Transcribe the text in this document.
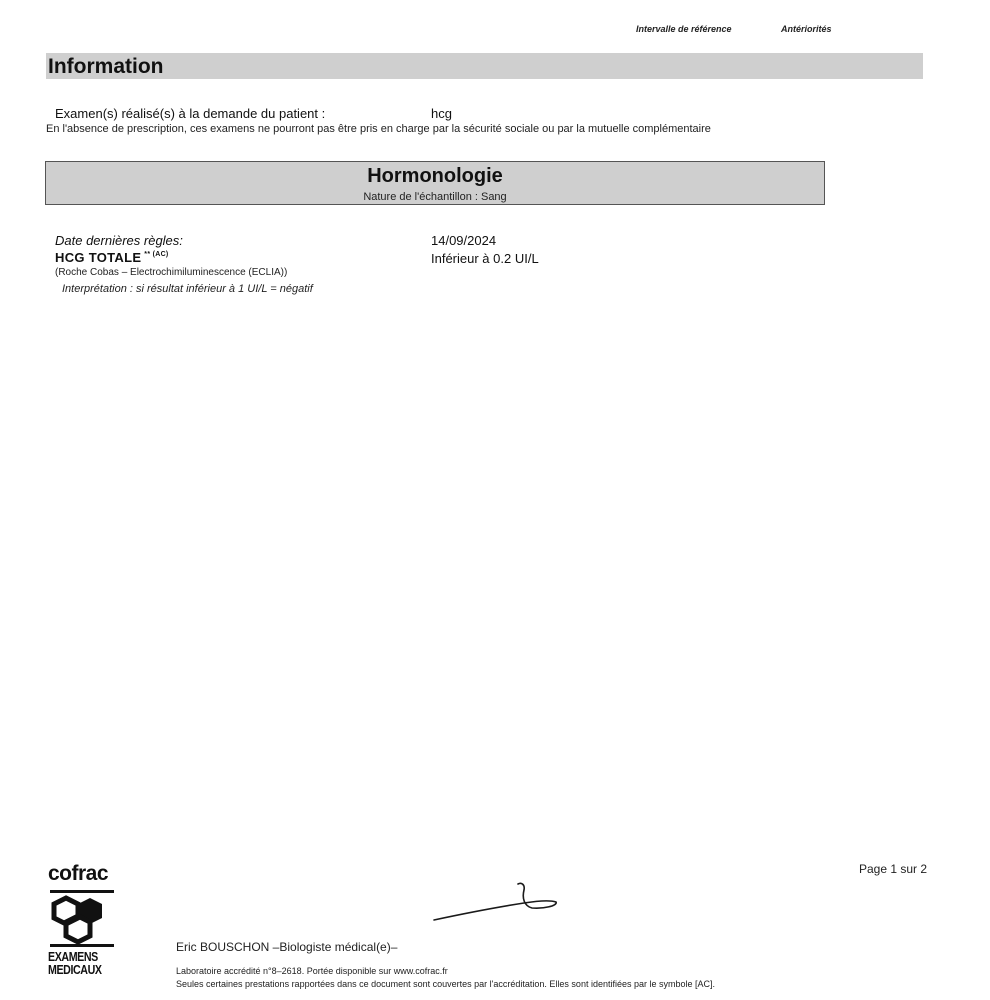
Intervalle de référence	Antériorités
Information
Examen(s) réalisé(s) à la demande du patient :	hcg
En l'absence de prescription, ces examens ne pourront pas être pris en charge par la sécurité sociale ou par la mutuelle complémentaire
Hormonologie
Nature de l'échantillon : Sang
Date dernières règles:	14/09/2024
HCG TOTALE $^{** (AC)}$	Inférieur à 0.2 UI/L
(Roche Cobas – Electrochimiluminescence (ECLIA))
Interprétation : si résultat inférieur à 1 UI/L = négatif
cofrac
EXAMENS
MEDICAUX
Page 1 sur 2
Eric BOUSCHON –Biologiste médical(e)–
Laboratoire accrédité n°8–2618. Portée disponible sur www.cofrac.fr
Seules certaines prestations rapportées dans ce document sont couvertes par l'accréditation. Elles sont identifiées par le symbole [AC].
